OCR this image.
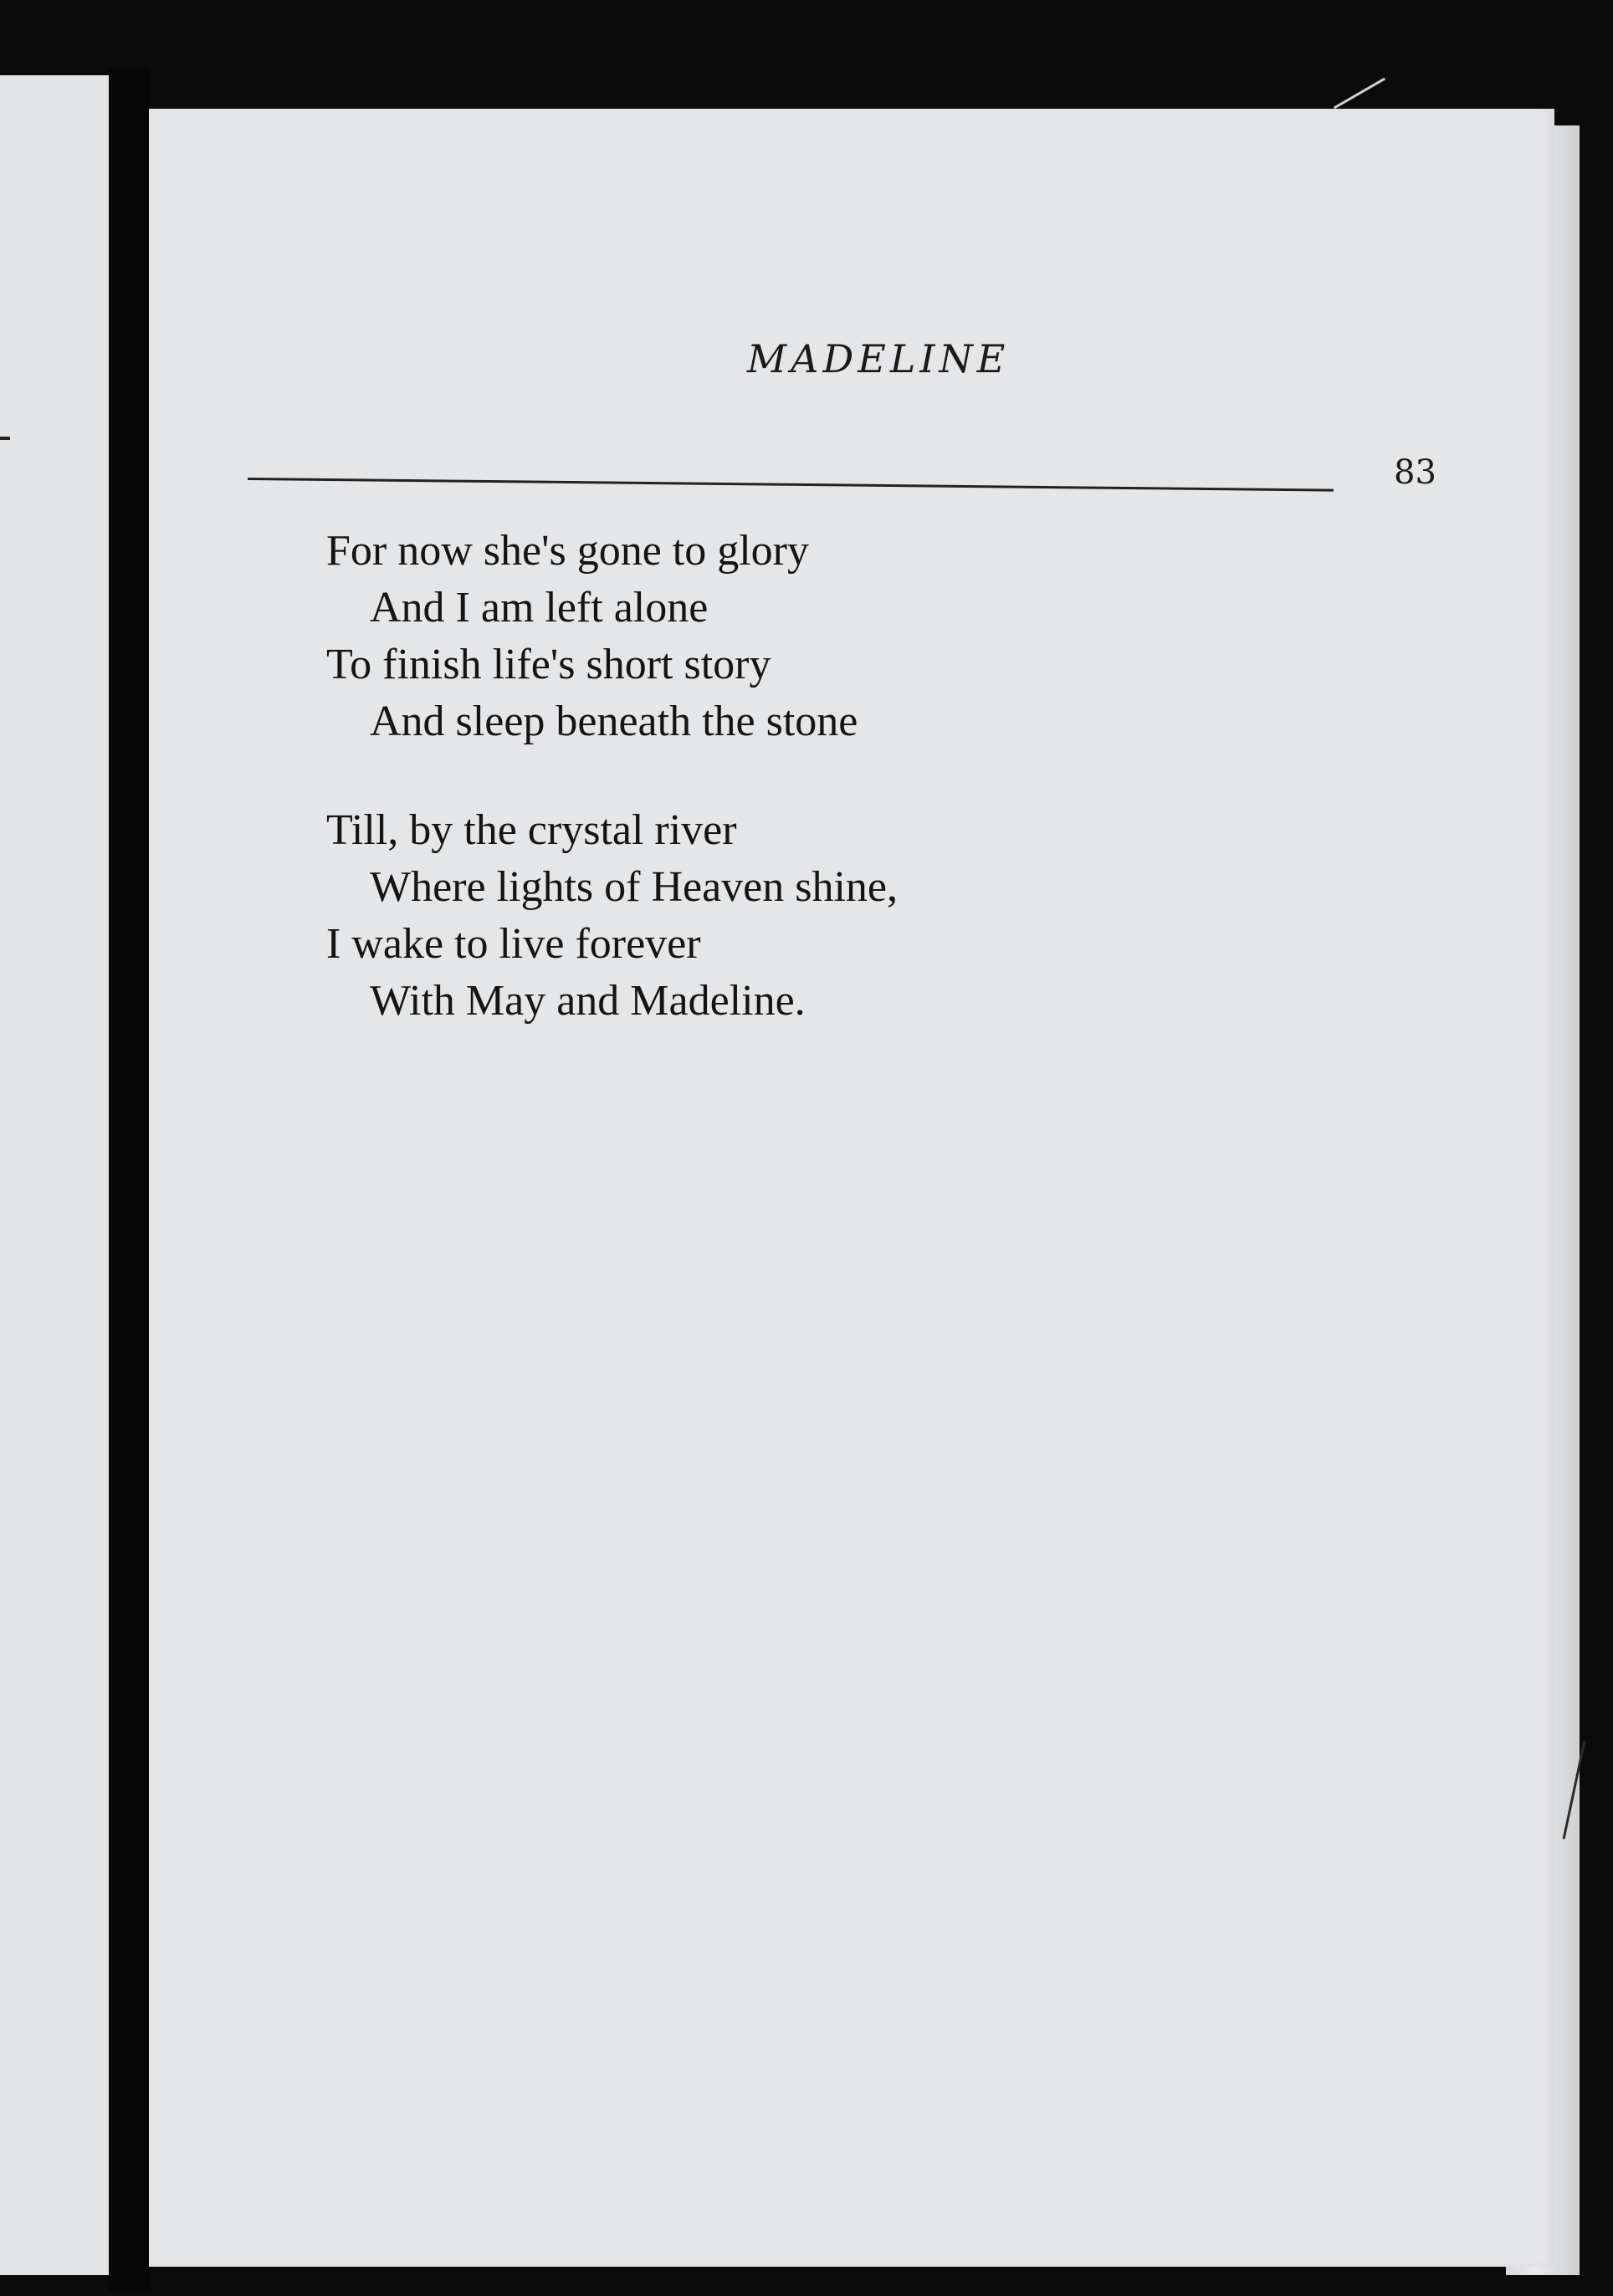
MADELINE
83
For now she's gone to glory
And I am left alone
To finish life's short story
And sleep beneath the stone
Till, by the crystal river
Where lights of Heaven shine,
I wake to live forever
With May and Madeline.
